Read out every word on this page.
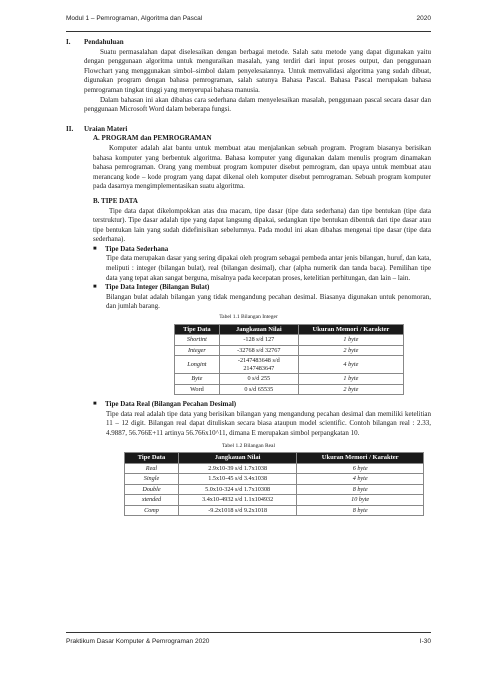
Modul 1 – Pemrograman, Algoritma dan Pascal	2020
I.	Pendahuluan
Suatu permasalahan dapat diselesaikan dengan berbagai metode. Salah satu metode yang dapat digunakan yaitu dengan penggunaan algoritma untuk menguraikan masalah, yang terdiri dari input proses output, dan penggunaan Flowchart yang menggunakan simbol–simbol dalam penyelesaiannya. Untuk memvalidasi algoritma yang sudah dibuat, digunakan program dengan bahasa pemrograman, salah satunya Bahasa Pascal. Bahasa Pascal merupakan bahasa pemrograman tingkat tinggi yang menyerupai bahasa manusia.
Dalam bahasan ini akan dibahas cara sederhana dalam menyelesaikan masalah, penggunaan pascal secara dasar dan penggunaan Microsoft Word dalam beberapa fungsi.
II.	Uraian Materi
A. PROGRAM dan PEMROGRAMAN
Komputer adalah alat bantu untuk membuat atau menjalankan sebuah program. Program biasanya berisikan bahasa komputer yang berbentuk algoritma. Bahasa komputer yang digunakan dalam menulis program dinamakan bahasa pemrograman. Orang yang membuat program komputer disebut pemrogram, dan upaya untuk membuat atau merancang kode – kode program yang dapat dikenal oleh komputer disebut pemrograman. Sebuah program komputer pada dasarnya mengimplementasikan suatu algoritma.
B. TIPE DATA
Tipe data dapat dikelompokkan atas dua macam, tipe dasar (tipe data sederhana) dan tipe bentukan (tipe data terstruktur). Tipe dasar adalah tipe yang dapat langsung dipakai, sedangkan tipe bentukan dibentuk dari tipe dasar atau tipe bentukan lain yang sudah didefinisikan sebelumnya. Pada modul ini akan dibahas mengenai tipe dasar (tipe data sederhana).
■	Tipe Data Sederhana
Tipe data merupakan dasar yang sering dipakai oleh program sebagai pembeda antar jenis bilangan, huruf, dan kata, meliputi : integer (bilangan bulat), real (bilangan desimal), char (alpha numerik dan tanda baca). Pemilihan tipe data yang tepat akan sangat berguna, misalnya pada kecepatan proses, ketelitian perhitungan, dan lain – lain.
■	Tipe Data Integer (Bilangan Bulat)
Bilangan bulat adalah bilangan yang tidak mengandung pecahan desimal. Biasanya digunakan untuk penomoran, dan jumlah barang.
Tabel 1.1 Bilangan Integer
Tipe Data	Jangkauan Nilai	Ukuran Memori / Karakter
Shortint	-128 s/d 127	1 byte
Integer	-32768 s/d 32767	2 byte
Longint	-2147483648 s/d 2147483647	4 byte
Byte	0 s/d 255	1 byte
Word	0 s/d 65535	2 byte
■	Tipe Data Real (Bilangan Pecahan Desimal)
Tipe data real adalah tipe data yang berisikan bilangan yang mengandung pecahan desimal dan memiliki ketelitian 11 – 12 digit. Bilangan real dapat dituliskan secara biasa ataupun model scientific. Contoh bilangan real : 2.33, 4.9887, 56.766E+11 artinya 56.766x10^11, dimana E merupakan simbol perpangkatan 10.
Tabel 1.2 Bilangan Real
Tipe Data	Jangkauan Nilai	Ukuran Memori / Karakter
Real	2.9x10-39 s/d 1.7x1038	6 byte
Single	1.5x10-45 s/d 3.4x1038	4 byte
Double	5.0x10-324 s/d 1.7x10308	8 byte
xtended	3.4x10-4932 s/d 1.1x104932	10 byte
Comp	-9.2x1018 s/d 9.2x1018	8 byte
Praktikum Dasar Komputer & Pemrograman 2020	I-30
